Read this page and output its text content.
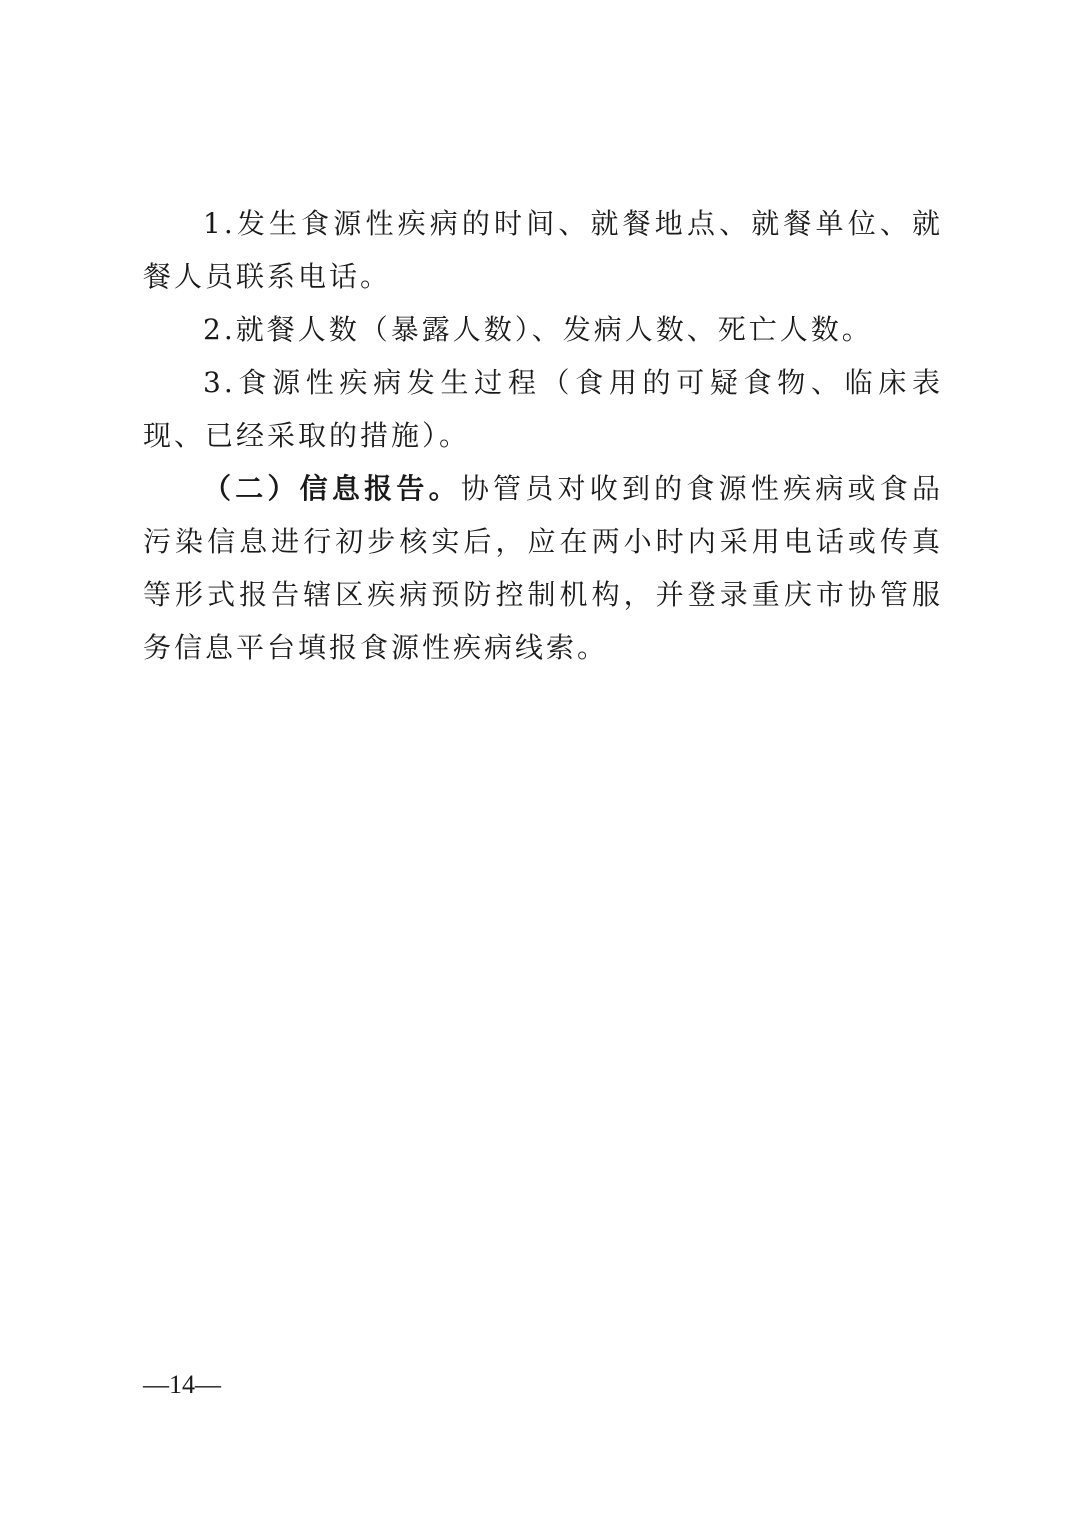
1.发生食源性疾病的时间、就餐地点、就餐单位、就餐人员联系电话。

2.就餐人数（暴露人数）、发病人数、死亡人数。

3.食源性疾病发生过程（食用的可疑食物、临床表现、已经采取的措施）。

（二）信息报告。协管员对收到的食源性疾病或食品污染信息进行初步核实后，应在两小时内采用电话或传真等形式报告辖区疾病预防控制机构，并登录重庆市协管服务信息平台填报食源性疾病线索。

—14—
